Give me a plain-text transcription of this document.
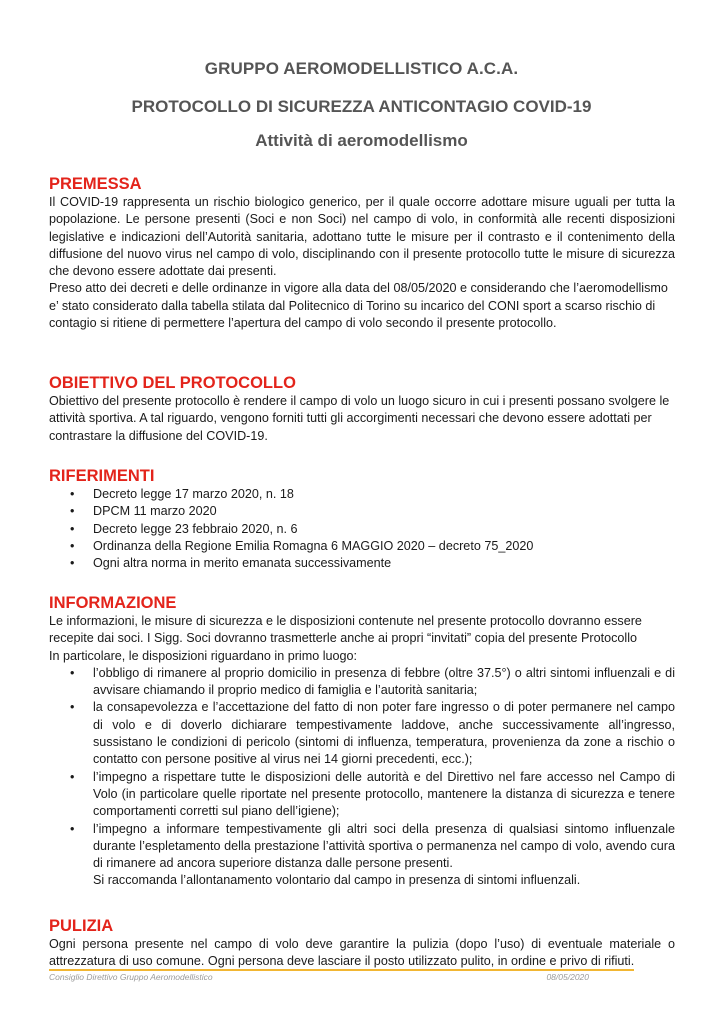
GRUPPO AEROMODELLISTICO A.C.A.
PROTOCOLLO DI SICUREZZA ANTICONTAGIO COVID-19
Attività di aeromodellismo
PREMESSA

Il COVID-19 rappresenta un rischio biologico generico, per il quale occorre adottare misure uguali per tutta la popolazione. Le persone presenti (Soci e non Soci) nel campo di volo, in conformità alle recenti disposizioni legislative e indicazioni dell’Autorità sanitaria, adottano tutte le misure per il contrasto e il contenimento della diffusione del nuovo virus nel campo di volo, disciplinando con il presente protocollo tutte le misure di sicurezza che devono essere adottate dai presenti.

Preso atto dei decreti e delle ordinanze in vigore alla data del 08/05/2020 e considerando che l’aeromodellismo e’ stato considerato dalla tabella stilata dal Politecnico di Torino su incarico del CONI sport a scarso rischio di contagio si ritiene di permettere l’apertura del campo di volo secondo il presente protocollo.

OBIETTIVO DEL PROTOCOLLO

Obiettivo del presente protocollo è rendere il campo di volo un luogo sicuro in cui i presenti possano svolgere le attività sportiva. A tal riguardo, vengono forniti tutti gli accorgimenti necessari che devono essere adottati per contrastare la diffusione del COVID-19.

RIFERIMENTI
• Decreto legge 17 marzo 2020, n. 18
• DPCM 11 marzo 2020
• Decreto legge 23 febbraio 2020, n. 6
• Ordinanza della Regione Emilia Romagna 6 MAGGIO 2020 – decreto 75_2020
• Ogni altra norma in merito emanata successivamente
INFORMAZIONE

Le informazioni, le misure di sicurezza e le disposizioni contenute nel presente protocollo dovranno essere recepite dai soci. I Sigg. Soci dovranno trasmetterle anche ai propri “invitati” copia del presente Protocollo

In particolare, le disposizioni riguardano in primo luogo:

• l’obbligo di rimanere al proprio domicilio in presenza di febbre (oltre 37.5°) o altri sintomi influenzali e di avvisare chiamando il proprio medico di famiglia e l’autorità sanitaria;
• la consapevolezza e l’accettazione del fatto di non poter fare ingresso o di poter permanere nel campo di volo e di doverlo dichiarare tempestivamente laddove, anche successivamente all’ingresso, sussistano le condizioni di pericolo (sintomi di influenza, temperatura, provenienza da zone a rischio o contatto con persone positive al virus nei 14 giorni precedenti, ecc.);
• l’impegno a rispettare tutte le disposizioni delle autorità e del Direttivo nel fare accesso nel Campo di Volo (in particolare quelle riportate nel presente protocollo, mantenere la distanza di sicurezza e tenere comportamenti corretti sul piano dell’igiene);
• l’impegno a informare tempestivamente gli altri soci della presenza di qualsiasi sintomo influenzale durante l’espletamento della prestazione l’attività sportiva o permanenza nel campo di volo, avendo cura di rimanere ad ancora superiore distanza dalle persone presenti.

Si raccomanda l’allontanamento volontario dal campo in presenza di sintomi influenzali.

PULIZIA

Ogni persona presente nel campo di volo deve garantire la pulizia (dopo l’uso) di eventuale materiale o attrezzatura di uso comune. Ogni persona deve lasciare il posto utilizzato pulito, in ordine e privo di rifiuti.

Consiglio Direttivo Gruppo Aeromodellistico	08/05/2020
